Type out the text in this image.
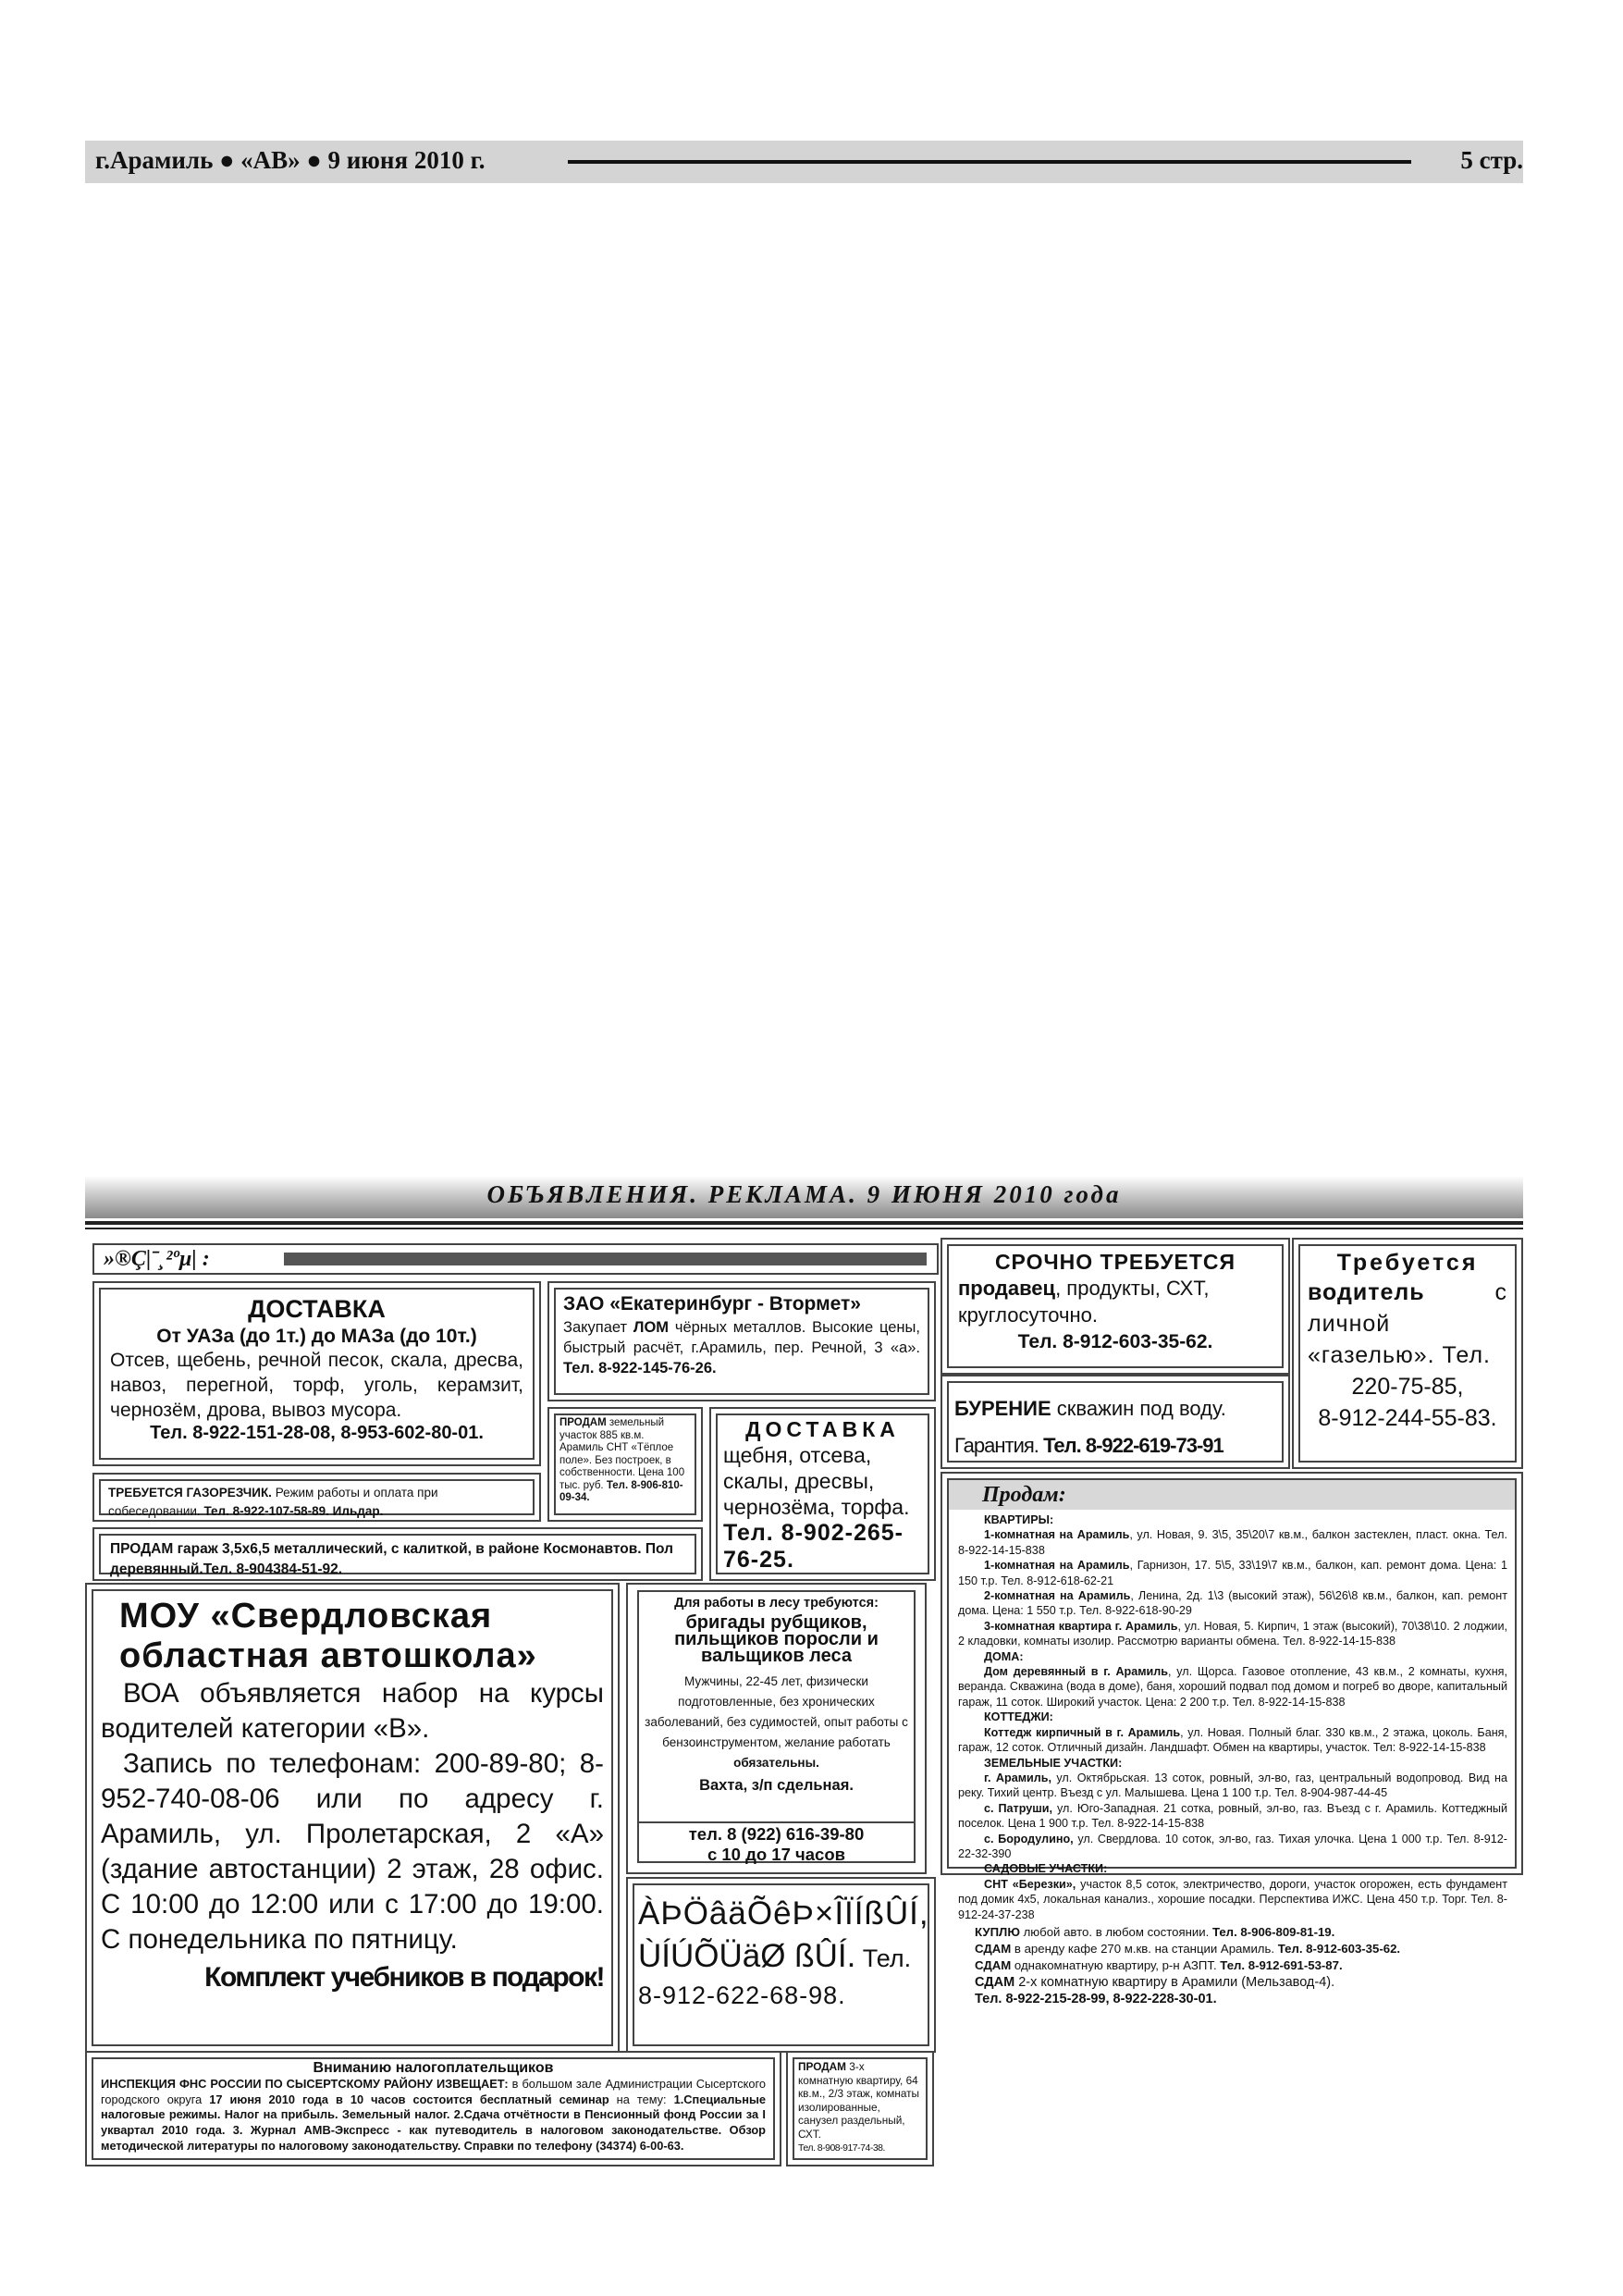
г.Арамиль ● «АВ» ● 9 июня 2010 г.	5 стр.
ОБЪЯВЛЕНИЯ. РЕКЛАМА. 9 ИЮНЯ 2010 года
»®Ç|ˉ¸²ºµ| :
ДОСТАВКА
От УАЗа (до 1т.) до МАЗа (до 10т.)
Отсев, щебень, речной песок, скала, дресва, навоз, перегной, торф, уголь, керамзит, чернозём, дрова, вывоз мусора.
Тел. 8-922-151-28-08, 8-953-602-80-01.
ТРЕБУЕТСЯ ГАЗОРЕЗЧИК. Режим работы и оплата при собеседовании. Тел. 8-922-107-58-89. Ильдар.
ПРОДАМ гараж 3,5х6,5 металлический, с калиткой, в районе Космонавтов. Пол деревянный.Тел. 8-904384-51-92.
ЗАО «Екатеринбург - Втормет»
Закупает ЛОМ чёрных металлов. Высокие цены, быстрый расчёт, г.Арамиль, пер. Речной, 3 «а». Тел. 8-922-145-76-26.
ПРОДАМ земельный участок 885 кв.м. Арамиль СНТ «Тёплое поле». Без построек, в собственности. Цена 100 тыс. руб. Тел. 8-906-810-09-34.
ДОСТАВКА
щебня, отсева, скалы, дресвы, чернозёма, торфа.
Тел. 8-902-265-76-25.
СРОЧНО ТРЕБУЕТСЯ
продавец, продукты, СХТ, круглосуточно.
Тел. 8-912-603-35-62.
Требуется
водитель	с личной «газелью». Тел.
220-75-85,
8-912-244-55-83.
БУРЕНИЕ скважин под воду.
Гарантия. Тел. 8-922-619-73-91
Продам:
КВАРТИРЫ:
1-комнатная на Арамиль, ул. Новая, 9. 3\5, 35\20\7 кв.м., балкон застеклен, пласт. окна. Тел. 8-922-14-15-838
1-комнатная на Арамиль, Гарнизон, 17. 5\5, 33\19\7 кв.м., балкон, кап. ремонт дома. Цена: 1 150 т.р. Тел. 8-912-618-62-21
2-комнатная на Арамиль, Ленина, 2д. 1\3 (высокий этаж), 56\26\8 кв.м., балкон, кап. ремонт дома. Цена: 1 550 т.р. Тел. 8-922-618-90-29
3-комнатная квартира г. Арамиль, ул. Новая, 5. Кирпич, 1 этаж (высокий), 70\38\10. 2 лоджии, 2 кладовки, комнаты изолир. Рассмотрю варианты обмена. Тел. 8-922-14-15-838
ДОМА:
Дом деревянный в г. Арамиль, ул. Щорса. Газовое отопление, 43 кв.м., 2 комнаты, кухня, веранда. Скважина (вода в доме), баня, хороший подвал под домом и погреб во дворе, капитальный гараж, 11 соток. Широкий участок. Цена: 2 200 т.р. Тел. 8-922-14-15-838
КОТТЕДЖИ:
Коттедж кирпичный в г. Арамиль, ул. Новая. Полный благ. 330 кв.м., 2 этажа, цоколь. Баня, гараж, 12 соток. Отличный дизайн. Ландшафт. Обмен на квартиры, участок. Тел: 8-922-14-15-838
ЗЕМЕЛЬНЫЕ УЧАСТКИ:
г. Арамиль, ул. Октябрьская. 13 соток, ровный, эл-во, газ, центральный водопровод. Вид на реку. Тихий центр. Въезд с ул. Малышева. Цена 1 100 т.р. Тел. 8-904-987-44-45
с. Патруши, ул. Юго-Западная. 21 сотка, ровный, эл-во, газ. Въезд с г. Арамиль. Коттеджный поселок. Цена 1 900 т.р. Тел. 8-922-14-15-838
с. Бородулино, ул. Свердлова. 10 соток, эл-во, газ. Тихая улочка. Цена 1 000 т.р. Тел. 8-912-22-32-390
САДОВЫЕ УЧАСТКИ:
СНТ «Березки», участок 8,5 соток, электричество, дороги, участок огорожен, есть фундамент под домик 4х5, локальная канализ., хорошие посадки. Перспектива ИЖС. Цена 450 т.р. Торг. Тел. 8-912-24-37-238
КУПЛЮ любой авто. в любом состоянии. Тел. 8-906-809-81-19.
СДАМ в аренду кафе 270 м.кв. на станции Арамиль. Тел. 8-912-603-35-62.
СДАМ однакомнатную квартиру, р-н АЗПТ. Тел. 8-912-691-53-87.
СДАМ 2-х комнатную квартиру в Арамили (Мельзавод-4).
Тел. 8-922-215-28-99, 8-922-228-30-01.
МОУ «Свердловская
областная автошкола»
ВОА объявляется набор на курсы водителей категории «В».
Запись по телефонам: 200-89-80; 8-952-740-08-06 или по адресу г. Арамиль, ул. Пролетарская, 2 «А» (здание автостанции) 2 этаж, 28 офис. С 10:00 до 12:00 или с 17:00 до 19:00. С понедельника по пятницу.
Комплект учебников в подарок!
Для работы в лесу требуются:
бригады рубщиков, пильщиков поросли и вальщиков леса
Мужчины, 22-45 лет, физически подготовленные, без хронических заболеваний, без судимостей, опыт работы с бензоинструментом, желание работать обязательны.
Вахта, з/п сдельная.
тел. 8 (922) 616-39-80
с 10 до 17 часов
ÀÞÖâäÕêÞ×ÎÏÍßÛÍ,
ÙÍÚÕÜäØ ßÛÍ. Тел.
8-912-622-68-98.
Вниманию налогоплательщиков
ИНСПЕКЦИЯ ФНС РОССИИ ПО СЫСЕРТСКОМУ РАЙОНУ ИЗВЕЩАЕТ: в большом зале Администрации Сысертского городского округа 17 июня 2010 года в 10 часов состоится бесплатный семинар на тему: 1.Специальные налоговые режимы. Налог на прибыль. Земельный налог. 2.Сдача отчётности в Пенсионный фонд России за I уквартал 2010 года. 3. Журнал АМВ-Экспресс - как путеводитель в налоговом законодательстве. Обзор методической литературы по налоговому законодательству. Справки по телефону (34374) 6-00-63.
ПРОДАМ 3-х комнатную квартиру, 64 кв.м., 2/3 этаж, комнаты изолированные, санузел раздельный, СХТ.
Тел. 8-908-917-74-38.
